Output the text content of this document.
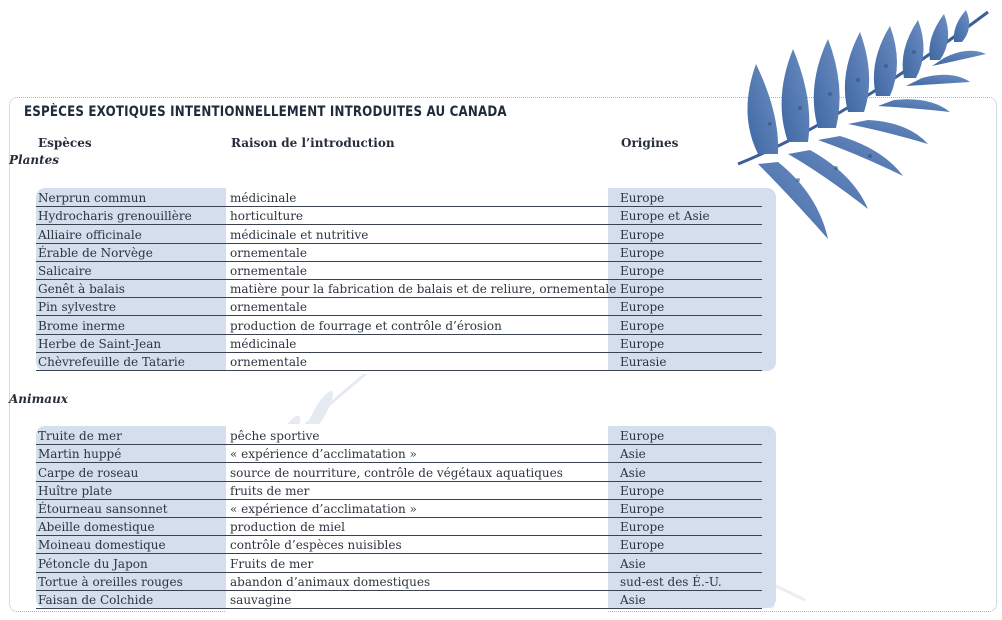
ESPÈCES EXOTIQUES INTENTIONNELLEMENT INTRODUITES AU CANADA
Espèces	Raison de l’introduction	Origines
Plantes
Nerprun commun	médicinale	Europe
Hydrocharis grenouillère	horticulture	Europe et Asie
Alliaire officinale	médicinale et nutritive	Europe
Érable de Norvège	ornementale	Europe
Salicaire	ornementale	Europe
Genêt à balais	matière pour la fabrication de balais et de reliure, ornementale	Europe
Pin sylvestre	ornementale	Europe
Brome inerme	production de fourrage et contrôle d’érosion	Europe
Herbe de Saint-Jean	médicinale	Europe
Chèvrefeuille de Tatarie	ornementale	Eurasie
Animaux
Truite de mer	pêche sportive	Europe
Martin huppé	« expérience d’acclimatation »	Asie
Carpe de roseau	source de nourriture, contrôle de végétaux aquatiques	Asie
Huître plate	fruits de mer	Europe
Étourneau sansonnet	« expérience d’acclimatation »	Europe
Abeille domestique	production de miel	Europe
Moineau domestique	contrôle d’espèces nuisibles	Europe
Pétoncle du Japon	Fruits de mer	Asie
Tortue à oreilles rouges	abandon d’animaux domestiques	sud-est des É.-U.
Faisan de Colchide	sauvagine	Asie
